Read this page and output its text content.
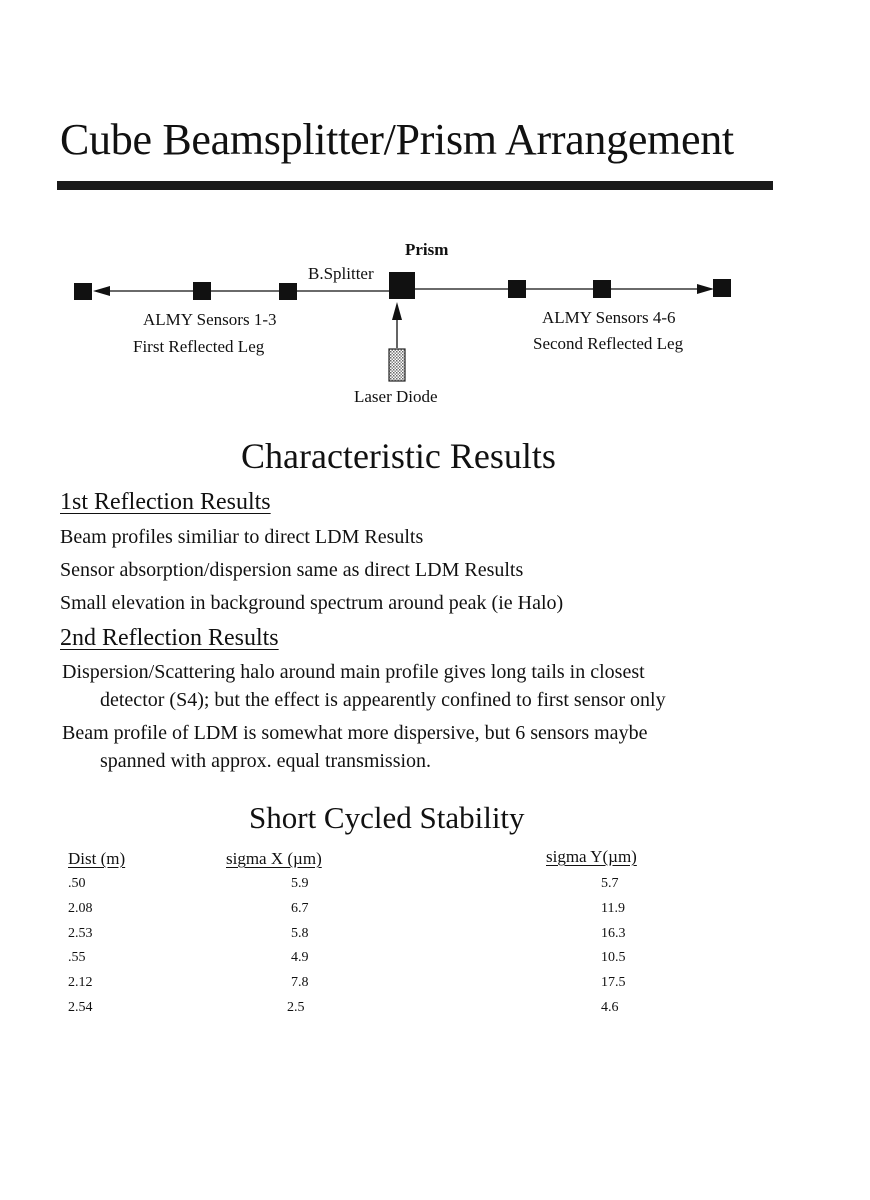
Cube Beamsplitter/Prism Arrangement
Prism
B.Splitter
ALMY Sensors 1-3
First Reflected Leg
ALMY Sensors 4-6
Second Reflected Leg
Laser Diode
Characteristic Results
1st Reflection Results
Beam profiles similiar to direct LDM Results
Sensor absorption/dispersion same as direct LDM Results
Small elevation in background spectrum around peak (ie Halo)
2nd Reflection Results
Dispersion/Scattering halo around main profile gives long tails in closest
detector (S4); but the effect is appearently confined to first sensor only
Beam profile of LDM is somewhat more dispersive, but 6 sensors maybe
spanned with approx. equal transmission.
Short Cycled Stability
Dist (m)	sigma X (µm)	sigma Y(µm)
.50	5.9	5.7
2.08	6.7	11.9
2.53	5.8	16.3
.55	4.9	10.5
2.12	7.8	17.5
2.54	2.5	4.6
